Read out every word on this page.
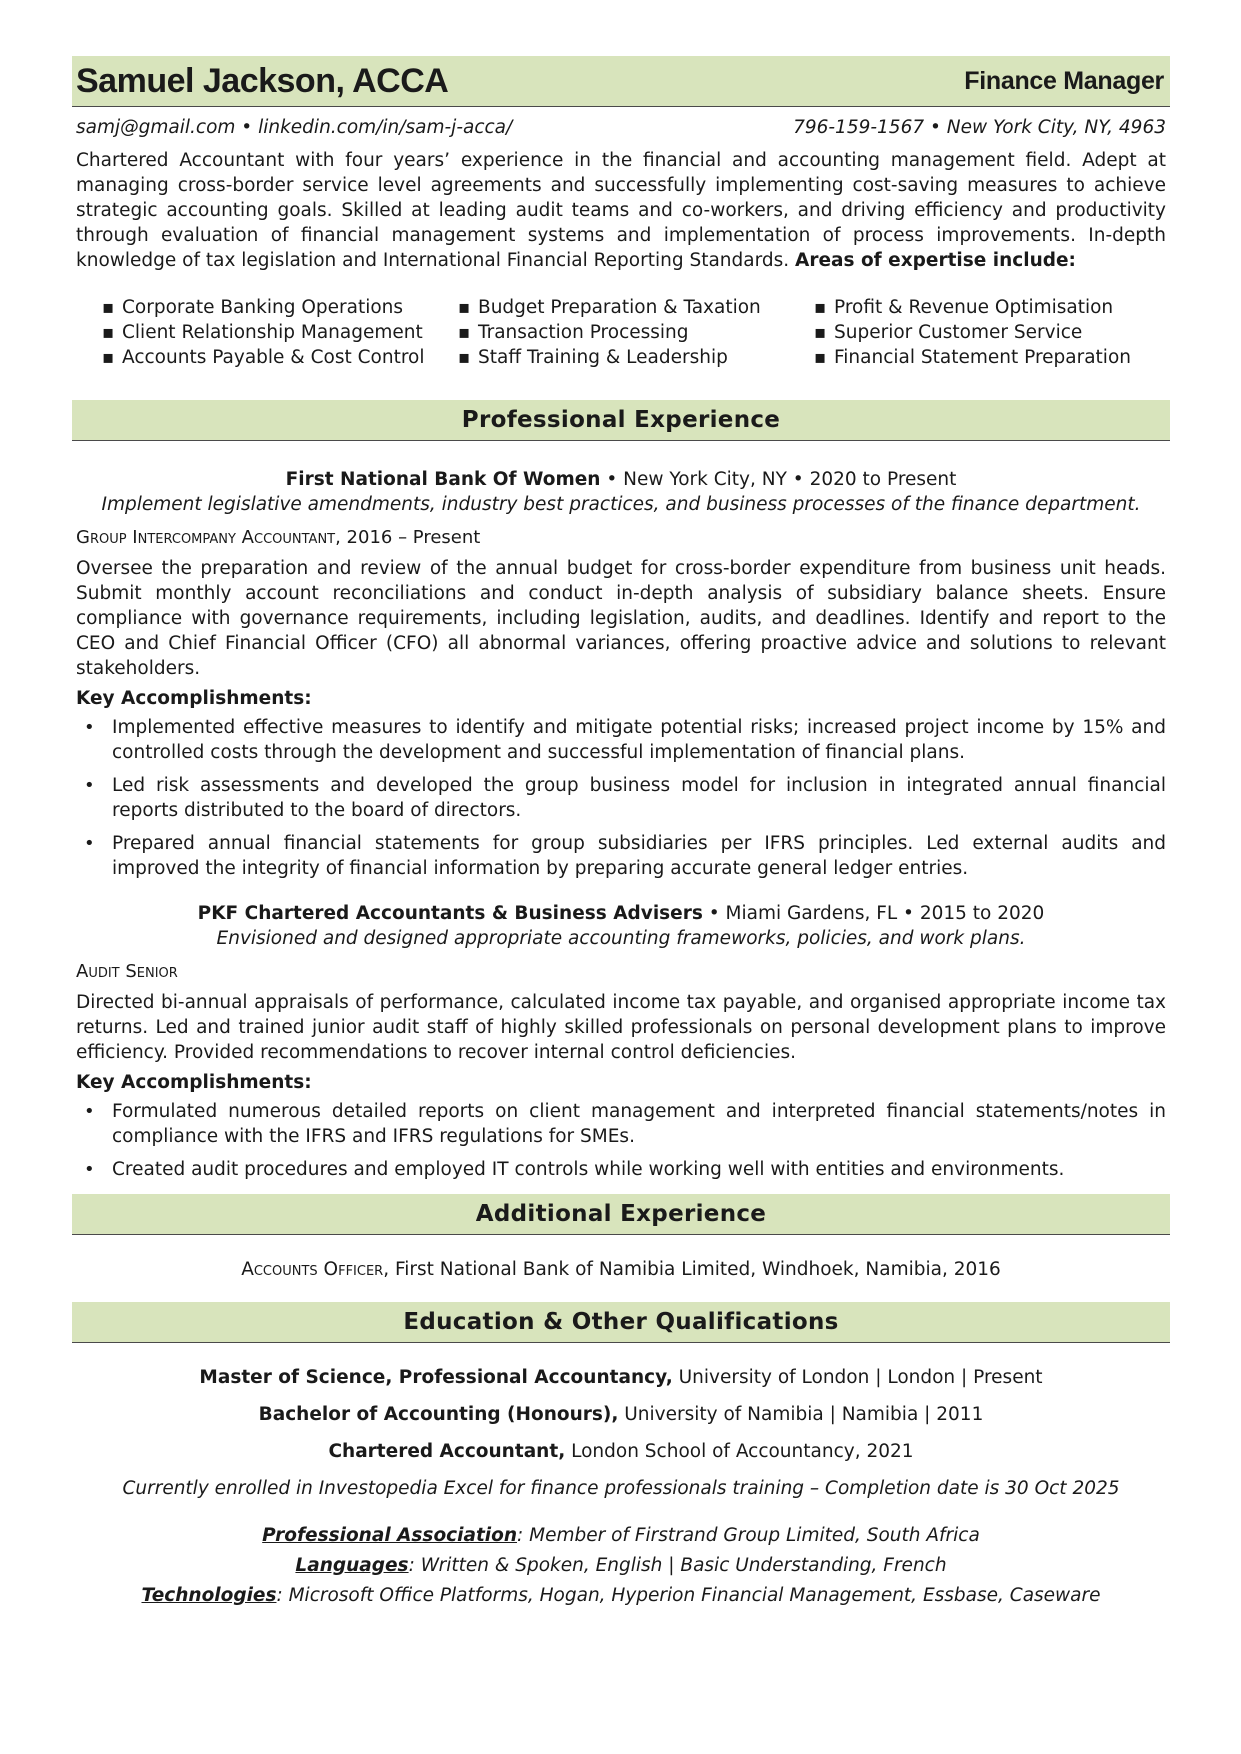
Samuel Jackson, ACCA	Finance Manager
samj@gmail.com • linkedin.com/in/sam-j-acca/	796-159-1567 • New York City, NY, 4963
Chartered Accountant with four years’ experience in the financial and accounting management field. Adept at managing cross-border service level agreements and successfully implementing cost-saving measures to achieve strategic accounting goals. Skilled at leading audit teams and co-workers, and driving efficiency and productivity through evaluation of financial management systems and implementation of process improvements. In-depth knowledge of tax legislation and International Financial Reporting Standards. Areas of expertise include:
▪ Corporate Banking Operations
▪ Client Relationship Management
▪ Accounts Payable & Cost Control
▪ Budget Preparation & Taxation
▪ Transaction Processing
▪ Staff Training & Leadership
▪ Profit & Revenue Optimisation
▪ Superior Customer Service
▪ Financial Statement Preparation
Professional Experience
First National Bank Of Women • New York City, NY • 2020 to Present
Implement legislative amendments, industry best practices, and business processes of the finance department.
Group Intercompany Accountant, 2016 – Present
Oversee the preparation and review of the annual budget for cross-border expenditure from business unit heads. Submit monthly account reconciliations and conduct in-depth analysis of subsidiary balance sheets. Ensure compliance with governance requirements, including legislation, audits, and deadlines. Identify and report to the CEO and Chief Financial Officer (CFO) all abnormal variances, offering proactive advice and solutions to relevant stakeholders.
Key Accomplishments:
• Implemented effective measures to identify and mitigate potential risks; increased project income by 15% and controlled costs through the development and successful implementation of financial plans.
• Led risk assessments and developed the group business model for inclusion in integrated annual financial reports distributed to the board of directors.
• Prepared annual financial statements for group subsidiaries per IFRS principles. Led external audits and improved the integrity of financial information by preparing accurate general ledger entries.
PKF Chartered Accountants & Business Advisers • Miami Gardens, FL • 2015 to 2020
Envisioned and designed appropriate accounting frameworks, policies, and work plans.
Audit Senior
Directed bi-annual appraisals of performance, calculated income tax payable, and organised appropriate income tax returns. Led and trained junior audit staff of highly skilled professionals on personal development plans to improve efficiency. Provided recommendations to recover internal control deficiencies.
Key Accomplishments:
• Formulated numerous detailed reports on client management and interpreted financial statements/notes in compliance with the IFRS and IFRS regulations for SMEs.
• Created audit procedures and employed IT controls while working well with entities and environments.
Additional Experience
Accounts Officer, First National Bank of Namibia Limited, Windhoek, Namibia, 2016
Education & Other Qualifications
Master of Science, Professional Accountancy, University of London | London | Present
Bachelor of Accounting (Honours), University of Namibia | Namibia | 2011
Chartered Accountant, London School of Accountancy, 2021
Currently enrolled in Investopedia Excel for finance professionals training – Completion date is 30 Oct 2025
Professional Association: Member of Firstrand Group Limited, South Africa
Languages: Written & Spoken, English | Basic Understanding, French
Technologies: Microsoft Office Platforms, Hogan, Hyperion Financial Management, Essbase, Caseware
